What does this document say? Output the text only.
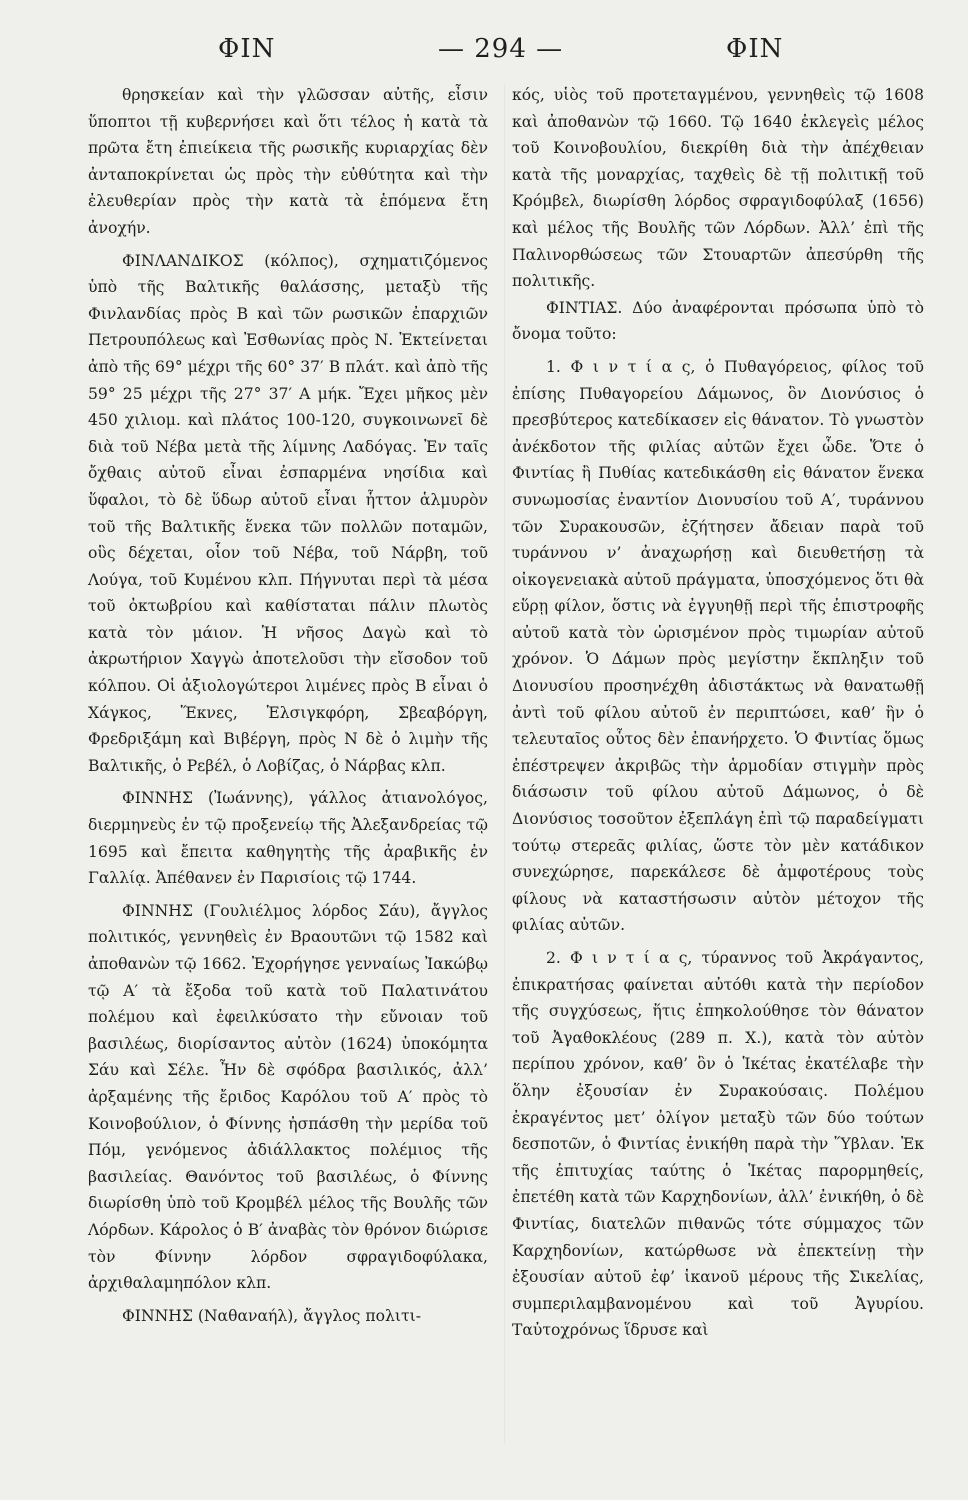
ΦΙΝ	— 294 —	ΦΙΝ

θρησκείαν καὶ τὴν γλῶσσαν αὐτῆς, εἶσιν ὕποπτοι τῇ κυβερνήσει καὶ ὅτι τέλος ἡ κατὰ τὰ πρῶτα ἔτη ἐπιείκεια τῆς ρωσικῆς κυριαρχίας δὲν ἀνταποκρίνεται ὡς πρὸς τὴν εὐθύτητα καὶ τὴν ἐλευθερίαν πρὸς τὴν κατὰ τὰ ἑπόμενα ἔτη ἀνοχήν.

ΦΙΝΛΑΝΔΙΚΟΣ (κόλπος), σχηματιζόμενος ὑπὸ τῆς Βαλτικῆς θαλάσσης, μεταξὺ τῆς Φινλανδίας πρὸς Β καὶ τῶν ρωσικῶν ἐπαρχιῶν Πετρουπόλεως καὶ Ἐσθωνίας πρὸς Ν. Ἐκτείνεται ἀπὸ τῆς 69° μέχρι τῆς 60° 37′ Β πλάτ. καὶ ἀπὸ τῆς 59° 25 μέχρι τῆς 27° 37′ Α μήκ. Ἔχει μῆκος μὲν 450 χιλιομ. καὶ πλάτος 100-120, συγκοινωνεῖ δὲ διὰ τοῦ Νέβα μετὰ τῆς λίμνης Λαδόγας. Ἐν ταῖς ὄχθαις αὐτοῦ εἶναι ἐσπαρμένα νησίδια καὶ ὕφαλοι, τὸ δὲ ὕδωρ αὐτοῦ εἶναι ἧττον ἁλμυρὸν τοῦ τῆς Βαλτικῆς ἕνεκα τῶν πολλῶν ποταμῶν, οὓς δέχεται, οἷον τοῦ Νέβα, τοῦ Νάρβη, τοῦ Λούγα, τοῦ Κυμένου κλπ. Πήγνυται περὶ τὰ μέσα τοῦ ὀκτωβρίου καὶ καθίσταται πάλιν πλωτὸς κατὰ τὸν μάιον. Ἡ νῆσος Δαγὼ καὶ τὸ ἀκρωτήριον Χαγγὼ ἀποτελοῦσι τὴν εἴσοδον τοῦ κόλπου. Οἱ ἀξιολογώτεροι λιμένες πρὸς Β εἶναι ὁ Χάγκος, Ἕκνες, Ἑλσιγκφόρη, Σβεαβόργη, Φρεδριξάμη καὶ Βιβέργη, πρὸς Ν δὲ ὁ λιμὴν τῆς Βαλτικῆς, ὁ Ρεβέλ, ὁ Λοβίζας, ὁ Νάρβας κλπ.

ΦΙΝΝΗΣ (Ἰωάννης), γάλλος ἀτιανολόγος, διερμηνεὺς ἐν τῷ προξενείῳ τῆς Ἀλεξανδρείας τῷ 1695 καὶ ἔπειτα καθηγητὴς τῆς ἀραβικῆς ἐν Γαλλίᾳ. Ἀπέθανεν ἐν Παρισίοις τῷ 1744.

ΦΙΝΝΗΣ (Γουλιέλμος λόρδος Σάυ), ἄγγλος πολιτικός, γεννηθεὶς ἐν Βραουτῶνι τῷ 1582 καὶ ἀποθανὼν τῷ 1662. Ἐχορήγησε γενναίως Ἰακώβῳ τῷ Α′ τὰ ἔξοδα τοῦ κατὰ τοῦ Παλατινάτου πολέμου καὶ ἐφειλκύσατο τὴν εὔνοιαν τοῦ βασιλέως, διορίσαντος αὐτὸν (1624) ὑποκόμητα Σάυ καὶ Σέλε. Ἦν δὲ σφόδρα βασιλικός, ἀλλ’ ἀρξαμένης τῆς ἔριδος Καρόλου τοῦ Α′ πρὸς τὸ Κοινοβούλιον, ὁ Φίννης ἠσπάσθη τὴν μερίδα τοῦ Πόμ, γενόμενος ἀδιάλλακτος πολέμιος τῆς βασιλείας. Θανόντος τοῦ βασιλέως, ὁ Φίννης διωρίσθη ὑπὸ τοῦ Κρομβέλ μέλος τῆς Βουλῆς τῶν Λόρδων. Κάρολος ὁ Β′ ἀναβὰς τὸν θρόνον διώρισε τὸν Φίννην λόρδον σφραγιδοφύλακα, ἀρχιθαλαμηπόλον κλπ.

ΦΙΝΝΗΣ (Ναθαναήλ), ἄγγλος πολιτι-

κός, υἱὸς τοῦ προτεταγμένου, γεννηθεὶς τῷ 1608 καὶ ἀποθανὼν τῷ 1660. Τῷ 1640 ἐκλεγεὶς μέλος τοῦ Κοινοβουλίου, διεκρίθη διὰ τὴν ἀπέχθειαν κατὰ τῆς μοναρχίας, ταχθεὶς δὲ τῇ πολιτικῇ τοῦ Κρόμβελ, διωρίσθη λόρδος σφραγιδοφύλαξ (1656) καὶ μέλος τῆς Βουλῆς τῶν Λόρδων. Ἀλλ’ ἐπὶ τῆς Παλινορθώσεως τῶν Στουαρτῶν ἀπεσύρθη τῆς πολιτικῆς.

ΦΙΝΤΙΑΣ. Δύο ἀναφέρονται πρόσωπα ὑπὸ τὸ ὄνομα τοῦτο:

1. Φ ι ν τ ί α ς, ὁ Πυθαγόρειος, φίλος τοῦ ἐπίσης Πυθαγορείου Δάμωνος, ὃν Διονύσιος ὁ πρεσβύτερος κατεδίκασεν εἰς θάνατον. Τὸ γνωστὸν ἀνέκδοτον τῆς φιλίας αὐτῶν ἔχει ὧδε. Ὅτε ὁ Φιντίας ἢ Πυθίας κατεδικάσθη εἰς θάνατον ἕνεκα συνωμοσίας ἐναντίον Διονυσίου τοῦ Α′, τυράννου τῶν Συρακουσῶν, ἐζήτησεν ἄδειαν παρὰ τοῦ τυράννου ν’ ἀναχωρήσῃ καὶ διευθετήσῃ τὰ οἰκογενειακὰ αὐτοῦ πράγματα, ὑποσχόμενος ὅτι θὰ εὕρῃ φίλον, ὅστις νὰ ἐγγυηθῇ περὶ τῆς ἐπιστροφῆς αὐτοῦ κατὰ τὸν ὡρισμένον πρὸς τιμωρίαν αὐτοῦ χρόνον. Ὁ Δάμων πρὸς μεγίστην ἔκπληξιν τοῦ Διονυσίου προσηνέχθη ἀδιστάκτως νὰ θανατωθῇ ἀντὶ τοῦ φίλου αὐτοῦ ἐν περιπτώσει, καθ’ ἣν ὁ τελευταῖος οὗτος δὲν ἐπανήρχετο. Ὁ Φιντίας ὅμως ἐπέστρεψεν ἀκριβῶς τὴν ἁρμοδίαν στιγμὴν πρὸς διάσωσιν τοῦ φίλου αὐτοῦ Δάμωνος, ὁ δὲ Διονύσιος τοσοῦτον ἐξεπλάγη ἐπὶ τῷ παραδείγματι τούτῳ στερεᾶς φιλίας, ὥστε τὸν μὲν κατάδικον συνεχώρησε, παρεκάλεσε δὲ ἀμφοτέρους τοὺς φίλους νὰ καταστήσωσιν αὐτὸν μέτοχον τῆς φιλίας αὐτῶν.

2. Φ ι ν τ ί α ς, τύραννος τοῦ Ἀκράγαντος, ἐπικρατήσας φαίνεται αὐτόθι κατὰ τὴν περίοδον τῆς συγχύσεως, ἥτις ἐπηκολούθησε τὸν θάνατον τοῦ Ἀγαθοκλέους (289 π. Χ.), κατὰ τὸν αὐτὸν περίπου χρόνον, καθ’ ὃν ὁ Ἱκέτας ἐκατέλαβε τὴν ὅλην ἐξουσίαν ἐν Συρακούσαις. Πολέμου ἐκραγέντος μετ’ ὀλίγον μεταξὺ τῶν δύο τούτων δεσποτῶν, ὁ Φιντίας ἐνικήθη παρὰ τὴν Ὕβλαν. Ἐκ τῆς ἐπιτυχίας ταύτης ὁ Ἱκέτας παρορμηθείς, ἐπετέθη κατὰ τῶν Καρχηδονίων, ἀλλ’ ἐνικήθη, ὁ δὲ Φιντίας, διατελῶν πιθανῶς τότε σύμμαχος τῶν Καρχηδονίων, κατώρθωσε νὰ ἐπεκτείνῃ τὴν ἐξουσίαν αὐτοῦ ἐφ’ ἱκανοῦ μέρους τῆς Σικελίας, συμπεριλαμβανομένου καὶ τοῦ Ἀγυρίου. Ταὐτοχρόνως ἵδρυσε καὶ
